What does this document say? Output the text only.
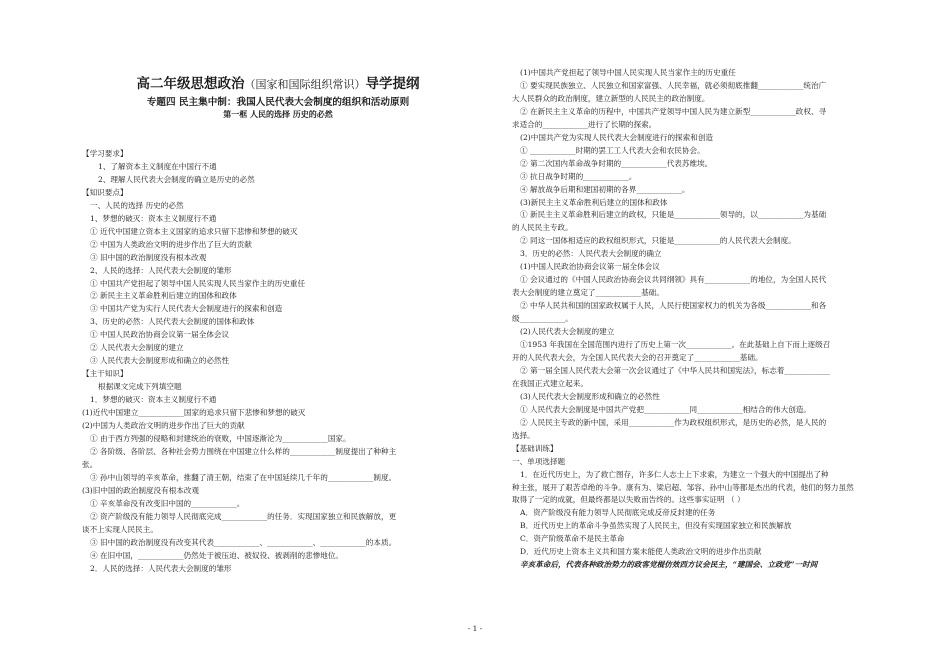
高二年级思想政治（国家和国际组织常识）导学提纲
专题四 民主集中制：我国人民代表大会制度的组织和活动原则
第一框 人民的选择 历史的必然
【学习要求】
1、了解资本主义制度在中国行不通
2、理解人民代表大会制度的确立是历史的必然
【知识要点】
一、人民的选择 历史的必然
1、梦想的破灭：资本主义制度行不通
① 近代中国建立资本主义国家的追求只留下悲惨和梦想的破灭
② 中国为人类政治文明的进步作出了巨大的贡献
③ 旧中国的政治制度没有根本改观
2、人民的选择：人民代表大会制度的雏形
① 中国共产党担起了领导中国人民实现人民当家作主的历史重任
② 新民主主义革命胜利后建立的国体和政体
③ 中国共产党为实行人民代表大会制度进行的探索和创造
3、历史的必然：人民代表大会制度的国体和政体
① 中国人民政治协商会议第一届全体会议
② 人民代表大会制度的建立
③ 人民代表大会制度形成和确立的必然性
【主干知识】
根据课文完成下列填空题
1．梦想的破灭：资本主义制度行不通
(1)近代中国建立____________国家的追求只留下悲惨和梦想的破灭
(2)中国为人类政治文明的进步作出了巨大的贡献
① 由于西方列强的侵略和封建统治的衰败，中国逐渐沦为____________国家。
② 各阶级、各阶层、各种社会势力围绕在中国建立什么样的____________制度提出了种种主
张。
③ 孙中山领导的辛亥革命，推翻了清王朝，结束了在中国延续几千年的____________制度。
(3)旧中国的政治制度没有根本改观
① 辛亥革命没有改变旧中国的____________。
② 资产阶级没有能力领导人民彻底完成____________的任务．实现国家独立和民族解放，更
谈不上实现人民民主。
③ 旧中国的政治制度没有改变其代表____________、____________、____________的本质。
④ 在旧中国，____________仍然处于被压迫、被奴役、被剥削的悲惨地位。
2．人民的选择：人民代表大会制度的雏形
(1)中国共产党担起了领导中国人民实现人民当家作主的历史重任
① 要实现民族独立、人民独立和国家富强、人民幸福，就必须彻底推翻____________统治广
大人民群众的政治制度，建立新型的人民民主的政治制度。
② 在新民主主义革命的历程中，中国共产党领导中国人民为建立新型____________政权、寻
求适合的____________进行了长期的探索。
(2)中国共产党为实现人民代表大会制度进行的探索和创造
① ____________时期的罢工工人代表大会和农民协会。
② 第二次国内革命战争时期的____________代表苏维埃。
③ 抗日战争时期的____________。
④ 解放战争后期和建国初期的各界____________。
(3)新民主主义革命胜利后建立的国体和政体
① 新民主主义革命胜利后建立的政权，只能是____________领导的，以____________为基础
的人民民主专政。
② 同这一国体相适应的政权组织形式，只能是____________的人民代表大会制度。
3．历史的必然：人民代表大会制度的确立
(1)中国人民政治协商会议第一届全体会议
① 会议通过的《中国人民政治协商会议共同纲领》具有____________的地位，为全国人民代
表大会制度的建立奠定了____________基础。
② 中华人民共和国的国家政权属于人民，人民行使国家权力的机关为各级____________和各
级____________。
(2)人民代表大会制度的建立
①1953 年我国在全国范围内进行了历史上第一次____________。在此基础上自下而上逐级召
开的人民代表大会，为全国人民代表大会的召开奠定了____________基础。
② 第一届全国人民代表大会第一次会议通过了《中华人民共和国宪法》，标志着____________
在我国正式建立起来。
(3)人民代表大会制度形成和确立的必然性
① 人民代表大会制度是中国共产党把____________同____________相结合的伟大创造。
② 人民民主专政的新中国，采用____________作为政权组织形式，是历史的必然，是人民的
选择。
【基础训练】
一、单项选择题
1．在近代历史上，为了救亡图存，许多仁人志士上下求索，为建立一个强大的中国提出了种
种主张，展开了艰苦卓绝的斗争。康有为、梁启超、邹容、孙中山等都是杰出的代表，他们的努力虽然
取得了一定的成就，但最终都是以失败而告终的。这些事实证明 （ ）
A．资产阶级没有能力领导人民彻底完成反帝反封建的任务
B．近代历史上的革命斗争虽然实现了人民民主，但没有实现国家独立和民族解放
C．资产阶级革命不是民主革命
D．近代历史上资本主义共和国方案未能使人类政治文明的进步作出贡献
辛亥革命后，代表各种政治势力的政客党棍仿效西方议会民主，“建国会、立政党”一时间
- 1 -
